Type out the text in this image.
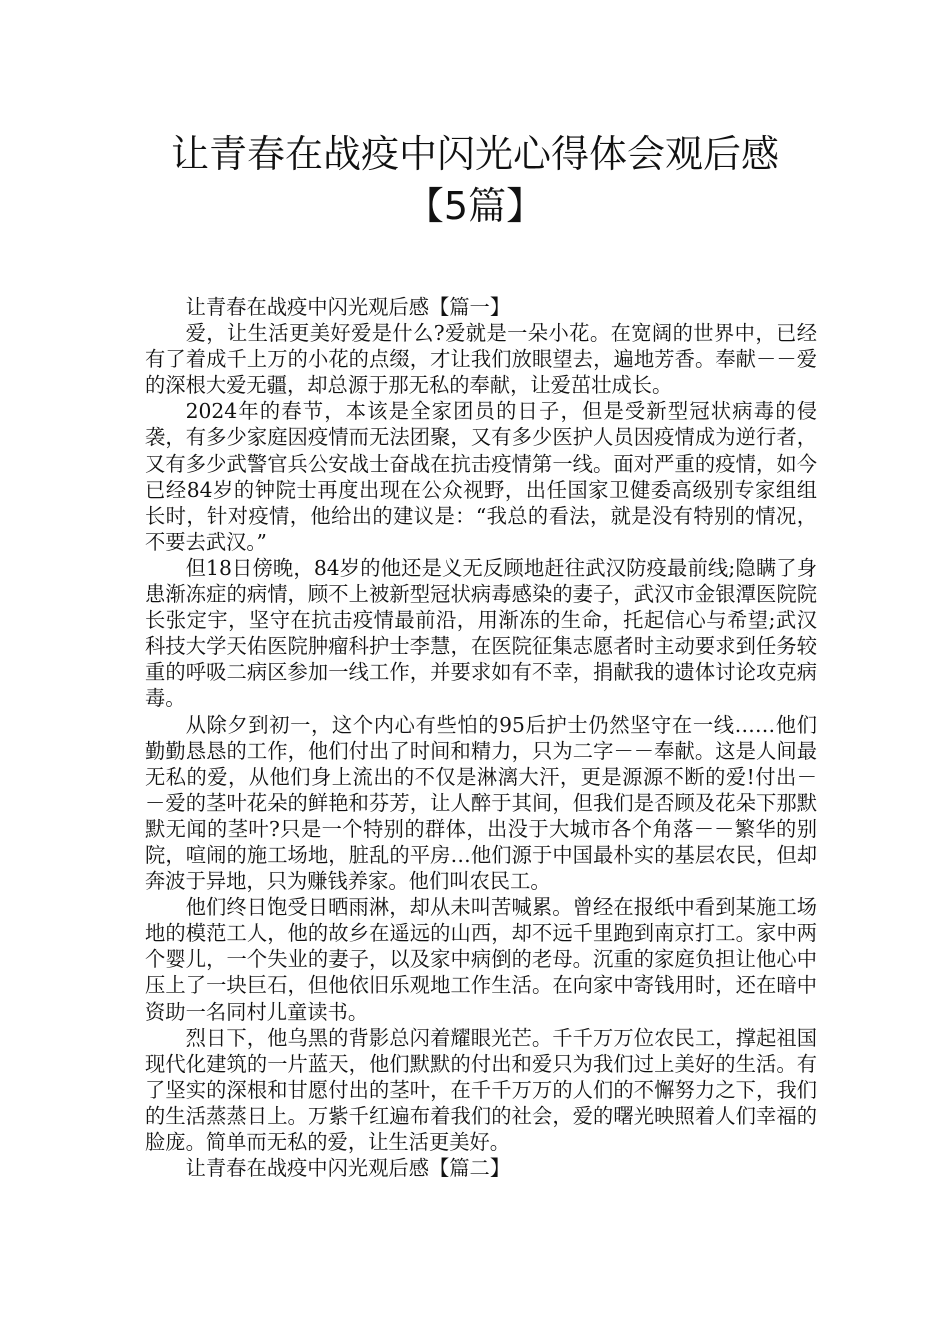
让青春在战疫中闪光心得体会观后感
【5篇】

让青春在战疫中闪光观后感【篇一】

爱，让生活更美好爱是什么?爱就是一朵小花。在宽阔的世界中，已经有了着成千上万的小花的点缀，才让我们放眼望去，遍地芳香。奉献－－爱的深根大爱无疆，却总源于那无私的奉献，让爱茁壮成长。

2024年的春节，本该是全家团员的日子，但是受新型冠状病毒的侵袭，有多少家庭因疫情而无法团聚，又有多少医护人员因疫情成为逆行者，又有多少武警官兵公安战士奋战在抗击疫情第一线。面对严重的疫情，如今已经84岁的钟院士再度出现在公众视野，出任国家卫健委高级别专家组组长时，针对疫情，他给出的建议是：“我总的看法，就是没有特别的情况，不要去武汉。”

但18日傍晚，84岁的他还是义无反顾地赶往武汉防疫最前线;隐瞒了身患渐冻症的病情，顾不上被新型冠状病毒感染的妻子，武汉市金银潭医院院长张定宇，坚守在抗击疫情最前沿，用渐冻的生命，托起信心与希望;武汉科技大学天佑医院肿瘤科护士李慧，在医院征集志愿者时主动要求到任务较重的呼吸二病区参加一线工作，并要求如有不幸，捐献我的遗体讨论攻克病毒。

从除夕到初一，这个内心有些怕的95后护士仍然坚守在一线……他们勤勤恳恳的工作，他们付出了时间和精力，只为二字－－奉献。这是人间最无私的爱，从他们身上流出的不仅是淋漓大汗，更是源源不断的爱!付出－－爱的茎叶花朵的鲜艳和芬芳，让人醉于其间，但我们是否顾及花朵下那默默无闻的茎叶?只是一个特别的群体，出没于大城市各个角落－－繁华的别院，喧闹的施工场地，脏乱的平房…他们源于中国最朴实的基层农民，但却奔波于异地，只为赚钱养家。他们叫农民工。

他们终日饱受日晒雨淋，却从未叫苦喊累。曾经在报纸中看到某施工场地的模范工人，他的故乡在遥远的山西，却不远千里跑到南京打工。家中两个婴儿，一个失业的妻子，以及家中病倒的老母。沉重的家庭负担让他心中压上了一块巨石，但他依旧乐观地工作生活。在向家中寄钱用时，还在暗中资助一名同村儿童读书。

烈日下，他乌黑的背影总闪着耀眼光芒。千千万万位农民工，撑起祖国现代化建筑的一片蓝天，他们默默的付出和爱只为我们过上美好的生活。有了坚实的深根和甘愿付出的茎叶，在千千万万的人们的不懈努力之下，我们的生活蒸蒸日上。万紫千红遍布着我们的社会，爱的曙光映照着人们幸福的脸庞。简单而无私的爱，让生活更美好。

让青春在战疫中闪光观后感【篇二】
